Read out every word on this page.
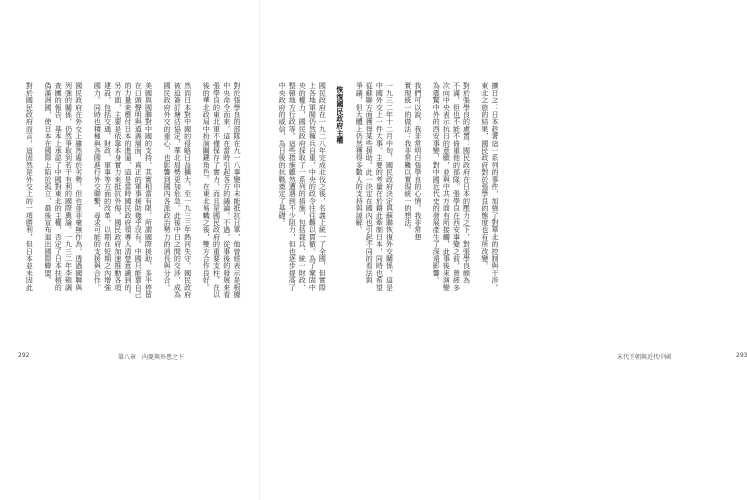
對於張學良的部隊在九一八事變中未能抵抗日軍，他曾經表示是根據
中央命令而來，這在當時引起各方的議論。不過，從事後的發展來看
張學良的東北軍不僅保存了實力，而且是國民政府的重要支柱，在以
後的華北政局中扮演關鍵角色。在東北易幟之後，雙方合作良好。
然而日本對中國的侵略日益擴大，至一九三三年熱河失守，國民政府
被迫簽訂塘沽協定，華北局勢更加危急。此後中日之間的交涉，成為
國民政府外交的重心，也影響到國內各派政治勢力的消長與分合。
美國與國聯對中國的支持，其實相當有限。所謂國際援助，多半停留
在口頭聲明與道義層面，真正的軍事援助幾乎沒有。中國只能靠自己
的力量來應付日本的進逼，這是當時國民政府領導人清楚意識到的。
另方面，主要是依靠本身實力來抵抗外侮，國民政府加速推動各項
建設，包括交通、財政、軍事等方面的改革，以期在短期之內增強
國力。同時也積極與各國進行外交聯繫，尋求可能的支援與合作。
國民政府在外交上雖然處於劣勢，但也並非毫無作為，透過國聯與
列強的關係，仍然爭取到若干有利的國際輿論。一九三二年李頓調
查團的報告，基本上承認了中國對東北的主權，否定了日本扶植的
偽滿洲國，使日本在國際上陷於孤立，最後宣布退出國際聯盟。
對於國民政府而言，這固然是外交上的一項勝利，但日本並未因此
292	第八章　內憂與外患之下
擴日之：日本趁著這一系列的事件，加強了對華北的控制與干涉。
東北之旅的結果，國民政府對於張學良的態度也有所改變。
對於張學良的處置：國民政府在日本的壓力之下，對張學良頗為
不滿，但也不能不倚重他的部隊。張學良在西安事變之前，曾經多
次向中央表示抗日的意願，並與中共方面有所接觸，此事後來演變
為震驚中外的西安事變，對中國近代史的發展產生了深遠影響。
我們可以說，我非常明白張學良的心情。我非常想
實現統一的做法：我非常難以實現統一的想法。
一九三二年十二月中旬，國民政府決定與蘇聯恢復外交關係，這是
中國外交上一件大事。主要的考量在於藉此牽制日本，同時也希望
從蘇聯方面獲得某些援助。此一決定在國內也引起不同的看法與
爭議，但大體上仍然獲得多數人的支持與諒解。
恢復國民政府主權
國民政府在一九二八年完成北伐之後，名義上統一了全國，但實際
上各地軍閥仍然擁兵自重，中央的政令往往難以貫徹。為了鞏固中
央的權力，國民政府採取了一系列的措施，包括裁兵、統一財政、
整頓地方行政等。這些措施雖然遭遇到不少阻力，但也逐步提高了
中央政府的威信，為日後的抗戰奠定了基礎。
末代王朝與近代中國	293
